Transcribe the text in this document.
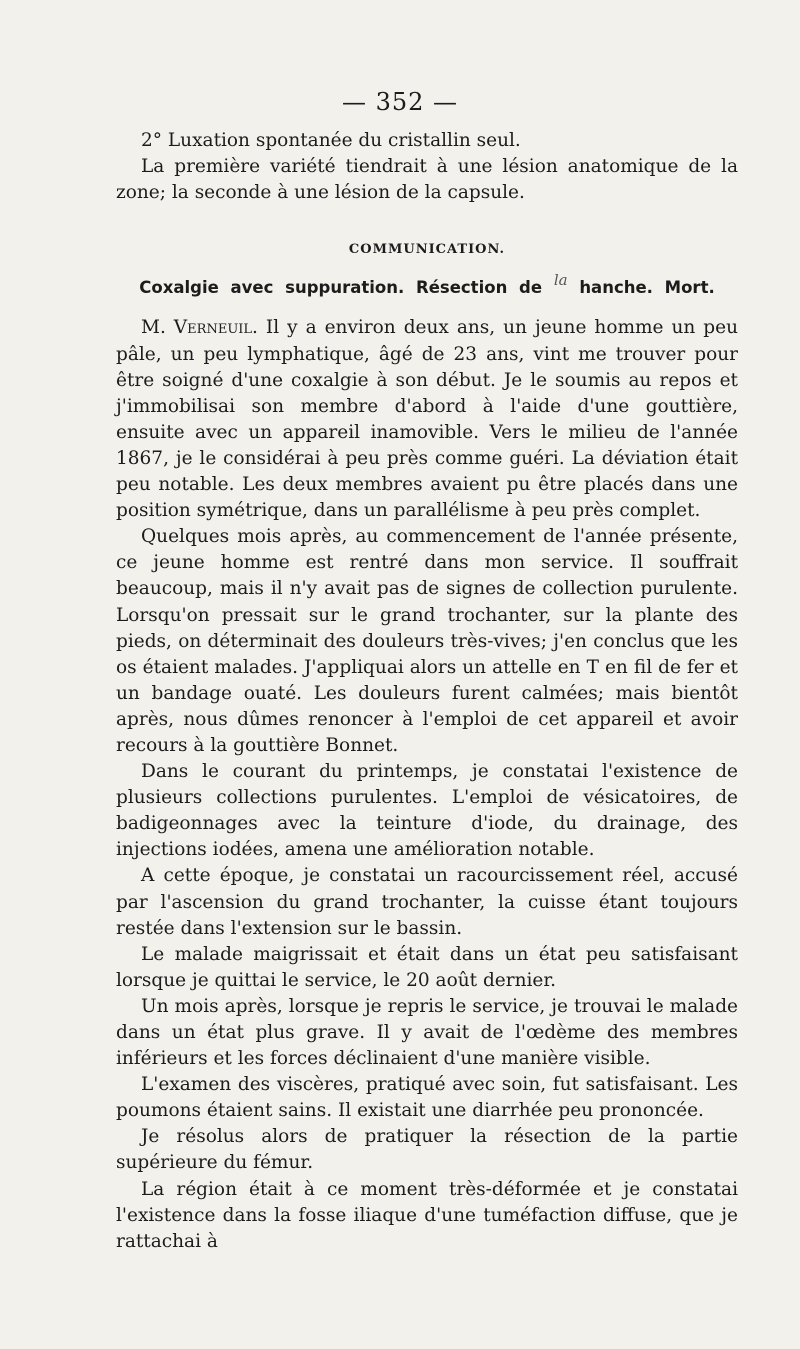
— 352 —

2° Luxation spontanée du cristallin seul.

La première variété tiendrait à une lésion anatomique de la zone; la seconde à une lésion de la capsule.

COMMUNICATION.

Coxalgie avec suppuration. Résection de la hanche. Mort.

M. Verneuil. Il y a environ deux ans, un jeune homme un peu pâle, un peu lymphatique, âgé de 23 ans, vint me trouver pour être soigné d'une coxalgie à son début. Je le soumis au repos et j'immobilisai son membre d'abord à l'aide d'une gouttière, ensuite avec un appareil inamovible. Vers le milieu de l'année 1867, je le considérai à peu près comme guéri. La déviation était peu notable. Les deux membres avaient pu être placés dans une position symétrique, dans un parallélisme à peu près complet.

Quelques mois après, au commencement de l'année présente, ce jeune homme est rentré dans mon service. Il souffrait beaucoup, mais il n'y avait pas de signes de collection purulente. Lorsqu'on pressait sur le grand trochanter, sur la plante des pieds, on déterminait des douleurs très-vives; j'en conclus que les os étaient malades. J'appliquai alors un attelle en T en fil de fer et un bandage ouaté. Les douleurs furent calmées; mais bientôt après, nous dûmes renoncer à l'emploi de cet appareil et avoir recours à la gouttière Bonnet.

Dans le courant du printemps, je constatai l'existence de plusieurs collections purulentes. L'emploi de vésicatoires, de badigeonnages avec la teinture d'iode, du drainage, des injections iodées, amena une amélioration notable.

A cette époque, je constatai un racourcissement réel, accusé par l'ascension du grand trochanter, la cuisse étant toujours restée dans l'extension sur le bassin.

Le malade maigrissait et était dans un état peu satisfaisant lorsque je quittai le service, le 20 août dernier.

Un mois après, lorsque je repris le service, je trouvai le malade dans un état plus grave. Il y avait de l'œdème des membres inférieurs et les forces déclinaient d'une manière visible.

L'examen des viscères, pratiqué avec soin, fut satisfaisant. Les poumons étaient sains. Il existait une diarrhée peu prononcée.

Je résolus alors de pratiquer la résection de la partie supérieure du fémur.

La région était à ce moment très-déformée et je constatai l'existence dans la fosse iliaque d'une tuméfaction diffuse, que je rattachai à
